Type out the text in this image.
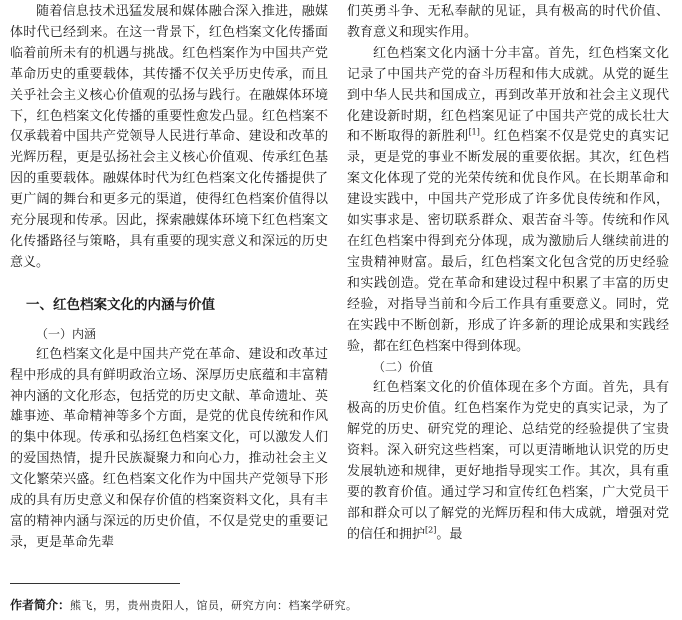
随着信息技术迅猛发展和媒体融合深入推进，融媒体时代已经到来。在这一背景下，红色档案文化传播面临着前所未有的机遇与挑战。红色档案作为中国共产党革命历史的重要载体，其传播不仅关乎历史传承，而且关乎社会主义核心价值观的弘扬与践行。在融媒体环境下，红色档案文化传播的重要性愈发凸显。红色档案不仅承载着中国共产党领导人民进行革命、建设和改革的光辉历程，更是弘扬社会主义核心价值观、传承红色基因的重要载体。融媒体时代为红色档案文化传播提供了更广阔的舞台和更多元的渠道，使得红色档案价值得以充分展现和传承。因此，探索融媒体环境下红色档案文化传播路径与策略，具有重要的现实意义和深远的历史意义。

一、红色档案文化的内涵与价值
（一）内涵

红色档案文化是中国共产党在革命、建设和改革过程中形成的具有鲜明政治立场、深厚历史底蕴和丰富精神内涵的文化形态，包括党的历史文献、革命遗址、英雄事迹、革命精神等多个方面，是党的优良传统和作风的集中体现。传承和弘扬红色档案文化，可以激发人们的爱国热情，提升民族凝聚力和向心力，推动社会主义文化繁荣兴盛。红色档案文化作为中国共产党领导下形成的具有历史意义和保存价值的档案资料文化，具有丰富的精神内涵与深远的历史价值，不仅是党史的重要记录，更是革命先辈

们英勇斗争、无私奉献的见证，具有极高的时代价值、教育意义和现实作用。

红色档案文化内涵十分丰富。首先，红色档案文化记录了中国共产党的奋斗历程和伟大成就。从党的诞生到中华人民共和国成立，再到改革开放和社会主义现代化建设新时期，红色档案见证了中国共产党的成长壮大和不断取得的新胜利[1]。红色档案不仅是党史的真实记录，更是党的事业不断发展的重要依据。其次，红色档案文化体现了党的光荣传统和优良作风。在长期革命和建设实践中，中国共产党形成了许多优良传统和作风，如实事求是、密切联系群众、艰苦奋斗等。传统和作风在红色档案中得到充分体现，成为激励后人继续前进的宝贵精神财富。最后，红色档案文化包含党的历史经验和实践创造。党在革命和建设过程中积累了丰富的历史经验，对指导当前和今后工作具有重要意义。同时，党在实践中不断创新，形成了许多新的理论成果和实践经验，都在红色档案中得到体现。

（二）价值

红色档案文化的价值体现在多个方面。首先，具有极高的历史价值。红色档案作为党史的真实记录，为了解党的历史、研究党的理论、总结党的经验提供了宝贵资料。深入研究这些档案，可以更清晰地认识党的历史发展轨迹和规律，更好地指导现实工作。其次，具有重要的教育价值。通过学习和宣传红色档案，广大党员干部和群众可以了解党的光辉历程和伟大成就，增强对党的信任和拥护[2]。最

作者简介：熊飞，男，贵州贵阳人，馆员，研究方向：档案学研究。
